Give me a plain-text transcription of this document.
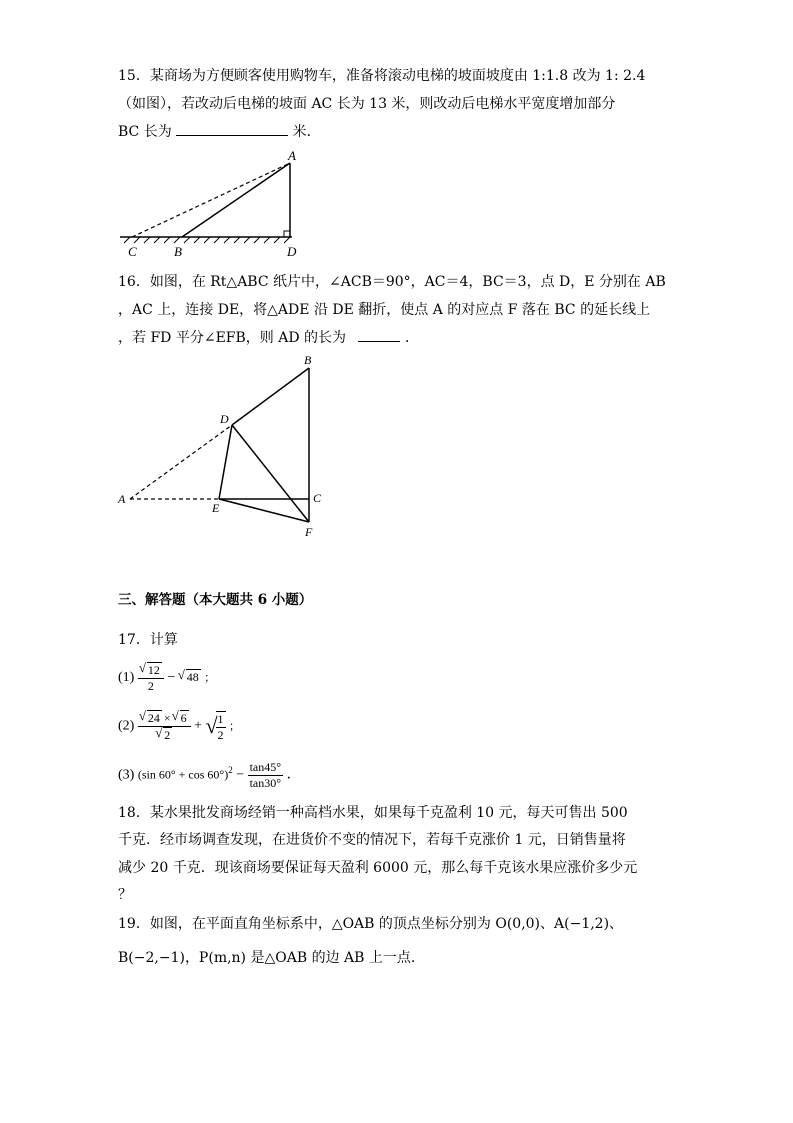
15．某商场为方便顾客使用购物车，准备将滚动电梯的坡面坡度由 1:1.8 改为 1: 2.4
（如图），若改动后电梯的坡面 AC 长为 13 米，则改动后电梯水平宽度增加部分
BC 长为	米．
A
B
C	D
16．如图，在 Rt△ABC 纸片中，∠ACB＝90°，AC＝4，BC＝3，点 D，E 分别在 AB
，AC 上，连接 DE，将△ADE 沿 DE 翻折，使点 A 的对应点 F 落在 BC 的延长线上
，若 FD 平分∠EFB，则 AD 的长为	．
B
D
A
E
C
F
三、解答题（本大题共 6 小题）
17．计算
(1) √ $\frac{12}{2}$ − √ 48 ；
(2) √ 24 × √ 6
√ 2 + √
$\frac{1}{2}$ ；
(3) (sin $60^\circ + \cos 60^\circ)^2 - \frac{\tan 45^\circ}{\tan 30^\circ}$ ．
18．某水果批发商场经销一种高档水果，如果每千克盈利 10 元，每天可售出 500
千克．经市场调查发现，在进货价不变的情况下，若每千克涨价 1 元，日销售量将
减少 20 千克．现该商场要保证每天盈利 6000 元，那么每千克该水果应涨价多少元
？
19．如图，在平面直角坐标系中，△OAB 的顶点坐标分别为 O(0,0)、A(−1,2)、
B(−2,−1)，P(m,n) 是△OAB 的边 AB 上一点．
